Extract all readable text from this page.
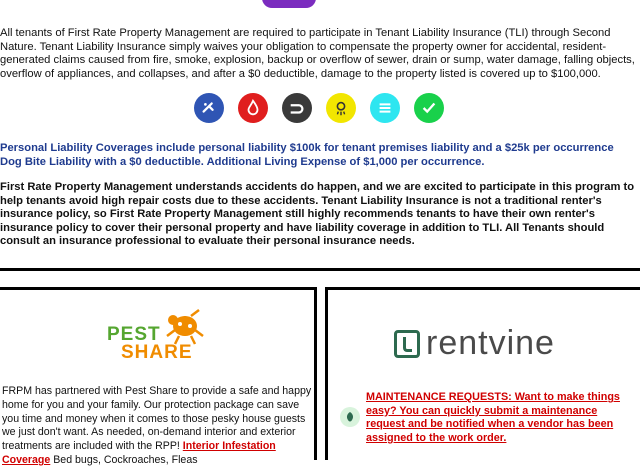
All tenants of First Rate Property Management are required to participate in Tenant Liability Insurance (TLI) through Second Nature. Tenant Liability Insurance simply waives your obligation to compensate the property owner for accidental, resident-generated claims caused from fire, smoke, explosion, backup or overflow of sewer, drain or sump, water damage, falling objects, overflow of appliances, and collapses, and after a $0 deductible, damage to the property listed is covered up to $100,000.
Personal Liability Coverages include personal liability $100k for tenant premises liability and a $25k per occurrence Dog Bite Liability with a $0 deductible. Additional Living Expense of $1,000 per occurrence.
First Rate Property Management understands accidents do happen, and we are excited to participate in this program to help tenants avoid high repair costs due to these accidents. Tenant Liability Insurance is not a traditional renter's insurance policy, so First Rate Property Management still highly recommends tenants to have their own renter's insurance policy to cover their personal property and have liability coverage in addition to TLI. All Tenants should consult an insurance professional to evaluate their personal insurance needs.
PEST
SHARE
FRPM has partnered with Pest Share to provide a safe and happy home for you and your family. Our protection package can save you time and money when it comes to those pesky house guests we just don't want. As needed, on-demand interior and exterior treatments are included with the RPP! Interior Infestation Coverage Bed bugs, Cockroaches, Fleas
rentvine
MAINTENANCE REQUESTS: Want to make things easy? You can quickly submit a maintenance request and be notified when a vendor has been assigned to the work order.
